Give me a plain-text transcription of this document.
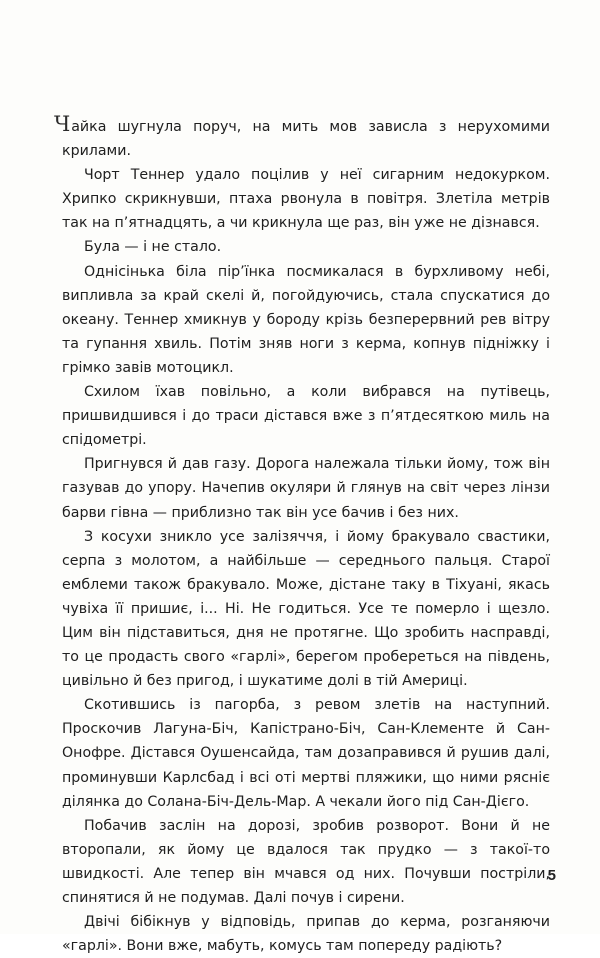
Чайка шугнула поруч, на мить мов зависла з нерухомими крилами.

Чорт Теннер удало поцілив у неї сигарним недокурком. Хрипко скрикнувши, птаха рвонула в повітря. Злетіла метрів так на п’ятнадцять, а чи крикнула ще раз, він уже не дізнався.

Була — і не стало.

Однісінька біла пір’їнка посмикалася в бурхливому небі, випливла за край скелі й, погойдуючись, стала спускатися до океану. Теннер хмикнув у бороду крізь безперервний рев вітру та гупання хвиль. Потім зняв ноги з керма, копнув підніжку і грімко завів мотоцикл.

Схилом їхав повільно, а коли вибрався на путівець, пришвидшився і до траси дістався вже з п’ятдесяткою миль на спідометрі.

Пригнувся й дав газу. Дорога належала тільки йому, тож він газував до упору. Начепив окуляри й глянув на світ через лінзи барви гівна — приблизно так він усе бачив і без них.

З косухи зникло усе залізяччя, і йому бракувало свастики, серпа з молотом, а найбільше — середнього пальця. Старої емблеми також бракувало. Може, дістане таку в Тіхуані, якась чувіха її пришиє, і... Ні. Не годиться. Усе те померло і щезло. Цим він підставиться, дня не протягне. Що зробить насправді, то це продасть свого «гарлі», берегом пробереться на південь, цивільно й без пригод, і шукатиме долі в тій Америці.

Скотившись із пагорба, з ревом злетів на наступний. Проскочив Лагуна-Біч, Капістрано-Біч, Сан-Клементе й Сан-Онофре. Дістався Оушенсайда, там дозаправився й рушив далі, проминувши Карлсбад і всі оті мертві пляжики, що ними рясніє ділянка до Солана-Біч-Дель-Мар. А чекали його під Сан-Дієго.

Побачив заслін на дорозі, зробив розворот. Вони й не второпали, як йому це вдалося так прудко — з такої-то швидкості. Але тепер він мчався од них. Почувши постріли, спинятися й не подумав. Далі почув і сирени.

Двічі бібікнув у відповідь, припав до керма, розганяючи «гарлі». Вони вже, мабуть, комусь там попереду радіють?

5
